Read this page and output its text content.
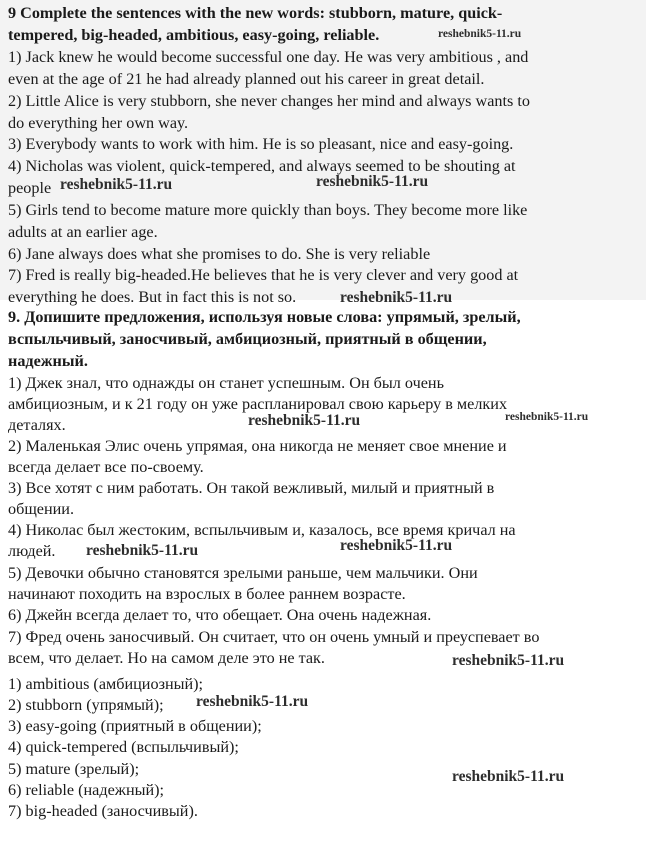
9 Complete the sentences with the new words: stubborn, mature, quick-
tempered, big-headed, ambitious, easy-going, reliable.
1) Jack knew he would become successful one day. He was very ambitious , and
even at the age of 21 he had already planned out his career in great detail.
2) Little Alice is very stubborn, she never changes her mind and always wants to
do everything her own way.
3) Everybody wants to work with him. He is so pleasant, nice and easy-going.
4) Nicholas was violent, quick-tempered, and always seemed to be shouting at
people
5) Girls tend to become mature more quickly than boys. They become more like
adults at an earlier age.
6) Jane always does what she promises to do. She is very reliable
7) Fred is really big-headed.He believes that he is very clever and very good at
everything he does. But in fact this is not so.
9. Допишите предложения, используя новые слова: упрямый, зрелый,
вспыльчивый, заносчивый, амбициозный, приятный в общении,
надежный.
1) Джек знал, что однажды он станет успешным. Он был очень
амбициозным, и к 21 году он уже распланировал свою карьеру в мелких
деталях.
2) Маленькая Элис очень упрямая, она никогда не меняет свое мнение и
всегда делает все по-своему.
3) Все хотят с ним работать. Он такой вежливый, милый и приятный в
общении.
4) Николас был жестоким, вспыльчивым и, казалось, все время кричал на
людей.
5) Девочки обычно становятся зрелыми раньше, чем мальчики. Они
начинают походить на взрослых в более раннем возрасте.
6) Джейн всегда делает то, что обещает. Она очень надежная.
7) Фред очень заносчивый. Он считает, что он очень умный и преуспевает во
всем, что делает. Но на самом деле это не так.
1) ambitious (амбициозный);
2) stubborn (упрямый);
3) easy-going (приятный в общении);
4) quick-tempered (вспыльчивый);
5) mature (зрелый);
6) reliable (надежный);
7) big-headed (заносчивый).
reshebnik5-11.ru
reshebnik5-11.ru	reshebnik5-11.ru
reshebnik5-11.ru
reshebnik5-11.ru	reshebnik5-11.ru
reshebnik5-11.ru	reshebnik5-11.ru
reshebnik5-11.ru
reshebnik5-11.ru
reshebnik5-11.ru
